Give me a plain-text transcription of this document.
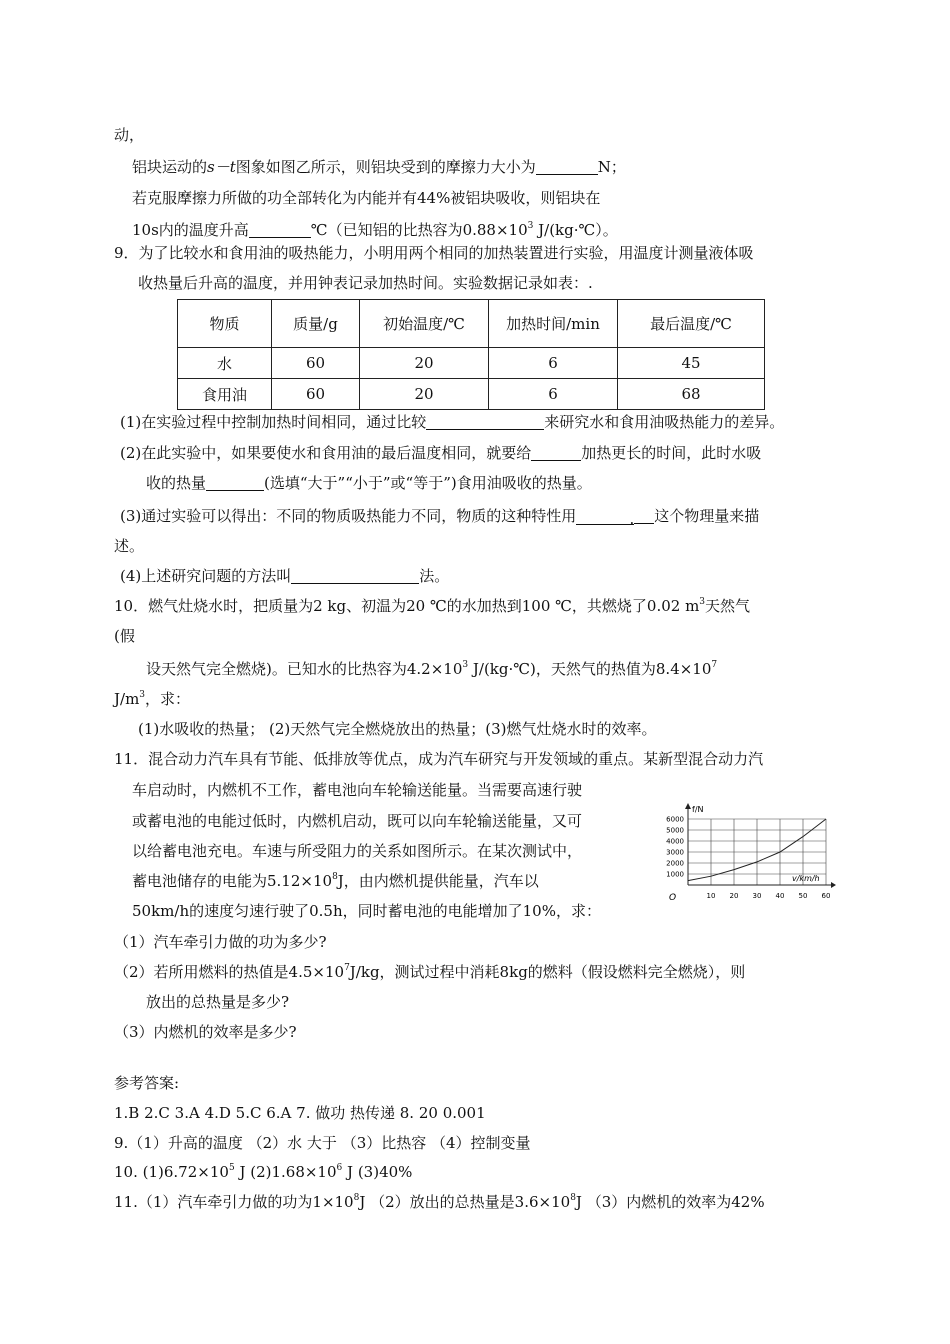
动，
铝块运动的s－t图象如图乙所示，则铝块受到的摩擦力大小为	N；
若克服摩擦力所做的功全部转化为内能并有44%被铝块吸收，则铝块在
10s内的温度升高	℃（已知铝的比热容为$0.88\times 10^3$ J/(kg·℃）。
9．为了比较水和食用油的吸热能力，小明用两个相同的加热装置进行实验，用温度计测量液体吸
收热量后升高的温度，并用钟表记录加热时间。实验数据记录如表：.
物质	质量/g	初始温度/℃	加热时间/min	最后温度/℃
水	60	20	6	45
食用油	60	20	6	68
(1)在实验过程中控制加热时间相同，通过比较	来研究水和食用油吸热能力的差异。
(2)在此实验中，如果要使水和食用油的最后温度相同，就要给	加热更长的时间，此时水吸
收的热量	(选填“大于”“小于”或“等于”)食用油吸收的热量。
(3)通过实验可以得出：不同的物质吸热能力不同，物质的这种特性用	. 这个物理量来描
述。
(4)上述研究问题的方法叫	法。
10．燃气灶烧水时，把质量为2 kg、初温为20 ℃的水加热到100 ℃，共燃烧了0.02 $m^3$天然气
(假
设天然气完全燃烧)。已知水的比热容为$4.2\times 10^3$ J/(kg·℃)，天然气的热值为$8.4\times 10^7$
$J/m^3$，求：
(1)水吸收的热量； (2)天然气完全燃烧放出的热量；(3)燃气灶烧水时的效率。
11．混合动力汽车具有节能、低排放等优点，成为汽车研究与开发领域的重点。某新型混合动力汽
车启动时，内燃机不工作，蓄电池向车轮输送能量。当需要高速行驶
或蓄电池的电能过低时，内燃机启动，既可以向车轮输送能量，又可
以给蓄电池充电。车速与所受阻力的关系如图所示。在某次测试中，
蓄电池储存的电能为$5.12\times 10^8J$，由内燃机提供能量，汽车以
50km/h的速度匀速行驶了0.5h，同时蓄电池的电能增加了10%，求：
（1）汽车牵引力做的功为多少?
（2）若所用燃料的热值是$4.5\times 10^7J/kg$，测试过程中消耗8kg的燃料（假设燃料完全燃烧），则
放出的总热量是多少?
（3）内燃机的效率是多少?
10 20 30 40 50 60
1000
2000
3000
4000
5000
6000
f/N
v/km/h
O
参考答案:
1.B 2.C 3.A 4.D 5.C 6.A 7. 做功 热传递 8. 20 0.001
9.（1）升高的温度 （2）水 大于 （3）比热容 （4）控制变量
10. $(1)6.72\times 10^5$ J $(2)1.68\times 10^6$ J (3)40%
11.（1）汽车牵引力做的功为$1\times 10^8J$ （2）放出的总热量是$3.6\times 10^8J$ （3）内燃机的效率为42%
